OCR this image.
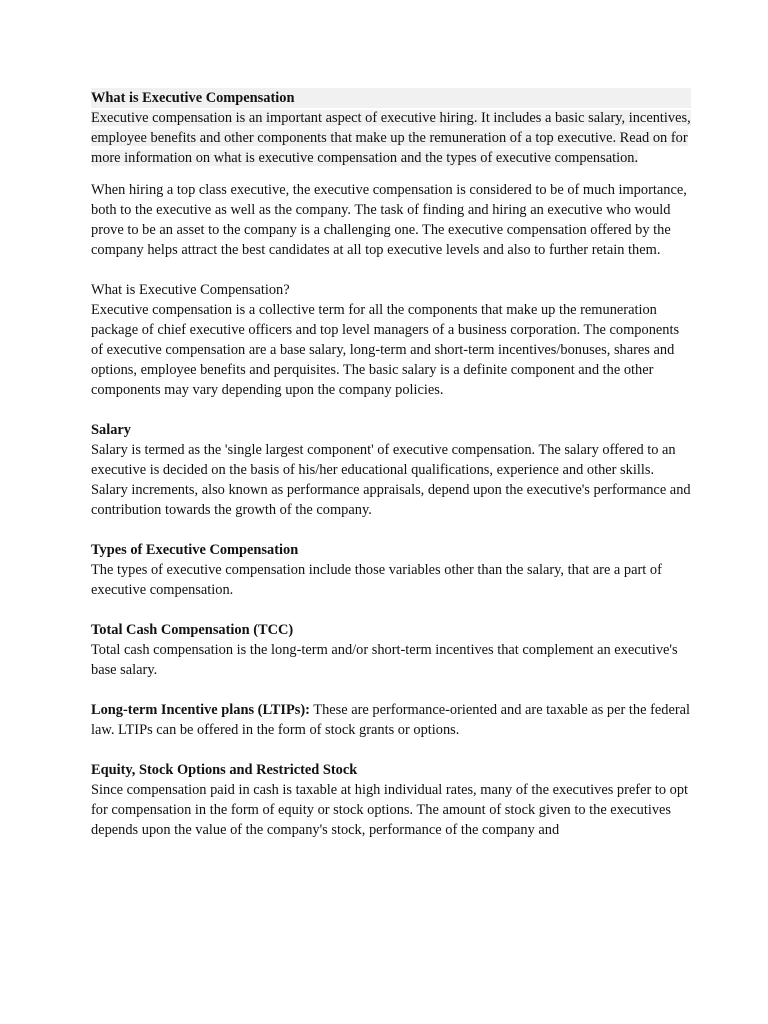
What is Executive Compensation
Executive compensation is an important aspect of executive hiring. It includes a basic salary, incentives, employee benefits and other components that make up the remuneration of a top executive. Read on for more information on what is executive compensation and the types of executive compensation.

When hiring a top class executive, the executive compensation is considered to be of much importance, both to the executive as well as the company. The task of finding and hiring an executive who would prove to be an asset to the company is a challenging one. The executive compensation offered by the company helps attract the best candidates at all top executive levels and also to further retain them.

What is Executive Compensation?
Executive compensation is a collective term for all the components that make up the remuneration package of chief executive officers and top level managers of a business corporation. The components of executive compensation are a base salary, long-term and short-term incentives/bonuses, shares and options, employee benefits and perquisites. The basic salary is a definite component and the other components may vary depending upon the company policies.
Salary
Salary is termed as the 'single largest component' of executive compensation. The salary offered to an executive is decided on the basis of his/her educational qualifications, experience and other skills. Salary increments, also known as performance appraisals, depend upon the executive's performance and contribution towards the growth of the company.
Types of Executive Compensation
The types of executive compensation include those variables other than the salary, that are a part of executive compensation.
Total Cash Compensation (TCC)
Total cash compensation is the long-term and/or short-term incentives that complement an executive's base salary.
Long-term Incentive plans (LTIPs): These are performance-oriented and are taxable as per the federal law. LTIPs can be offered in the form of stock grants or options.
Equity, Stock Options and Restricted Stock
Since compensation paid in cash is taxable at high individual rates, many of the executives prefer to opt for compensation in the form of equity or stock options. The amount of stock given to the executives depends upon the value of the company's stock, performance of the company and
